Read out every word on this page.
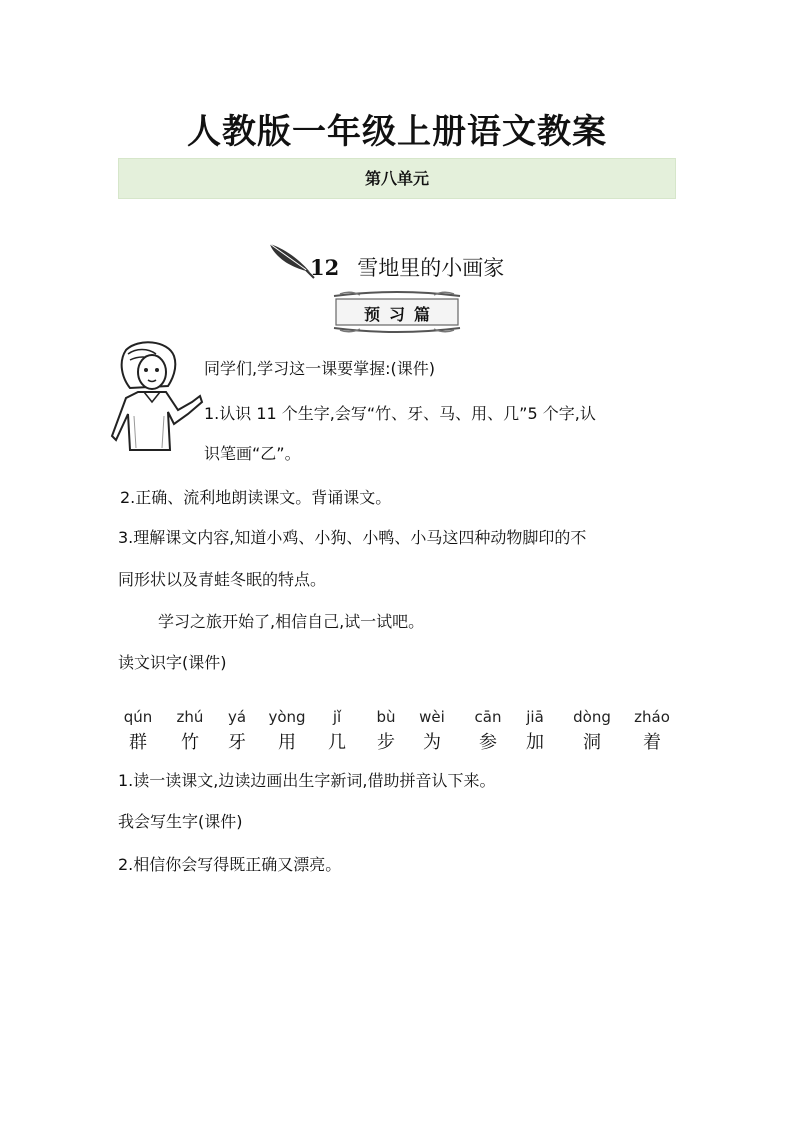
人教版一年级上册语文教案
第八单元
12 雪地里的小画家
预习篇
同学们,学习这一课要掌握:(课件)
1.认识 11 个生字,会写“竹、牙、马、用、几”5 个字,认
识笔画“乙”。
2.正确、流利地朗读课文。背诵课文。
3.理解课文内容,知道小鸡、小狗、小鸭、小马这四种动物脚印的不
同形状以及青蛙冬眠的特点。
学习之旅开始了,相信自己,试一试吧。
读文识字(课件)
qún
群
zhú
竹
yá
牙
yòng
用
jǐ
几
bù
步
wèi
为
cān
参
jiā
加
dòng
洞
zháo
着
1.读一读课文,边读边画出生字新词,借助拼音认下来。
我会写生字(课件)
2.相信你会写得既正确又漂亮。
